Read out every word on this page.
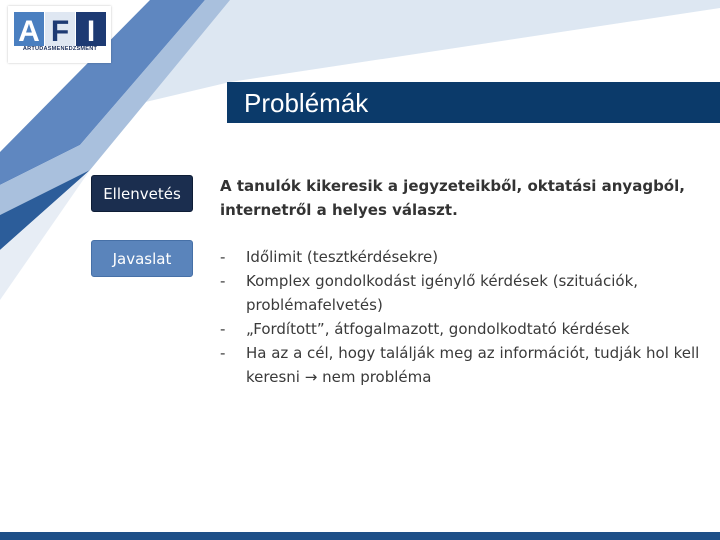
A F I
ARTUDASMENEDZSMENT
Problémák
Ellenvetés
Javaslat
A tanulók kikeresik a jegyzeteikből, oktatási anyagból, internetről a helyes választ.
-	Időlimit (tesztkérdésekre)
-	Komplex gondolkodást igénylő kérdések (szituációk, problémafelvetés)
-	„Fordított”, átfogalmazott, gondolkodtató kérdések
-	Ha az a cél, hogy találják meg az információt, tudják hol kell keresni → nem probléma
